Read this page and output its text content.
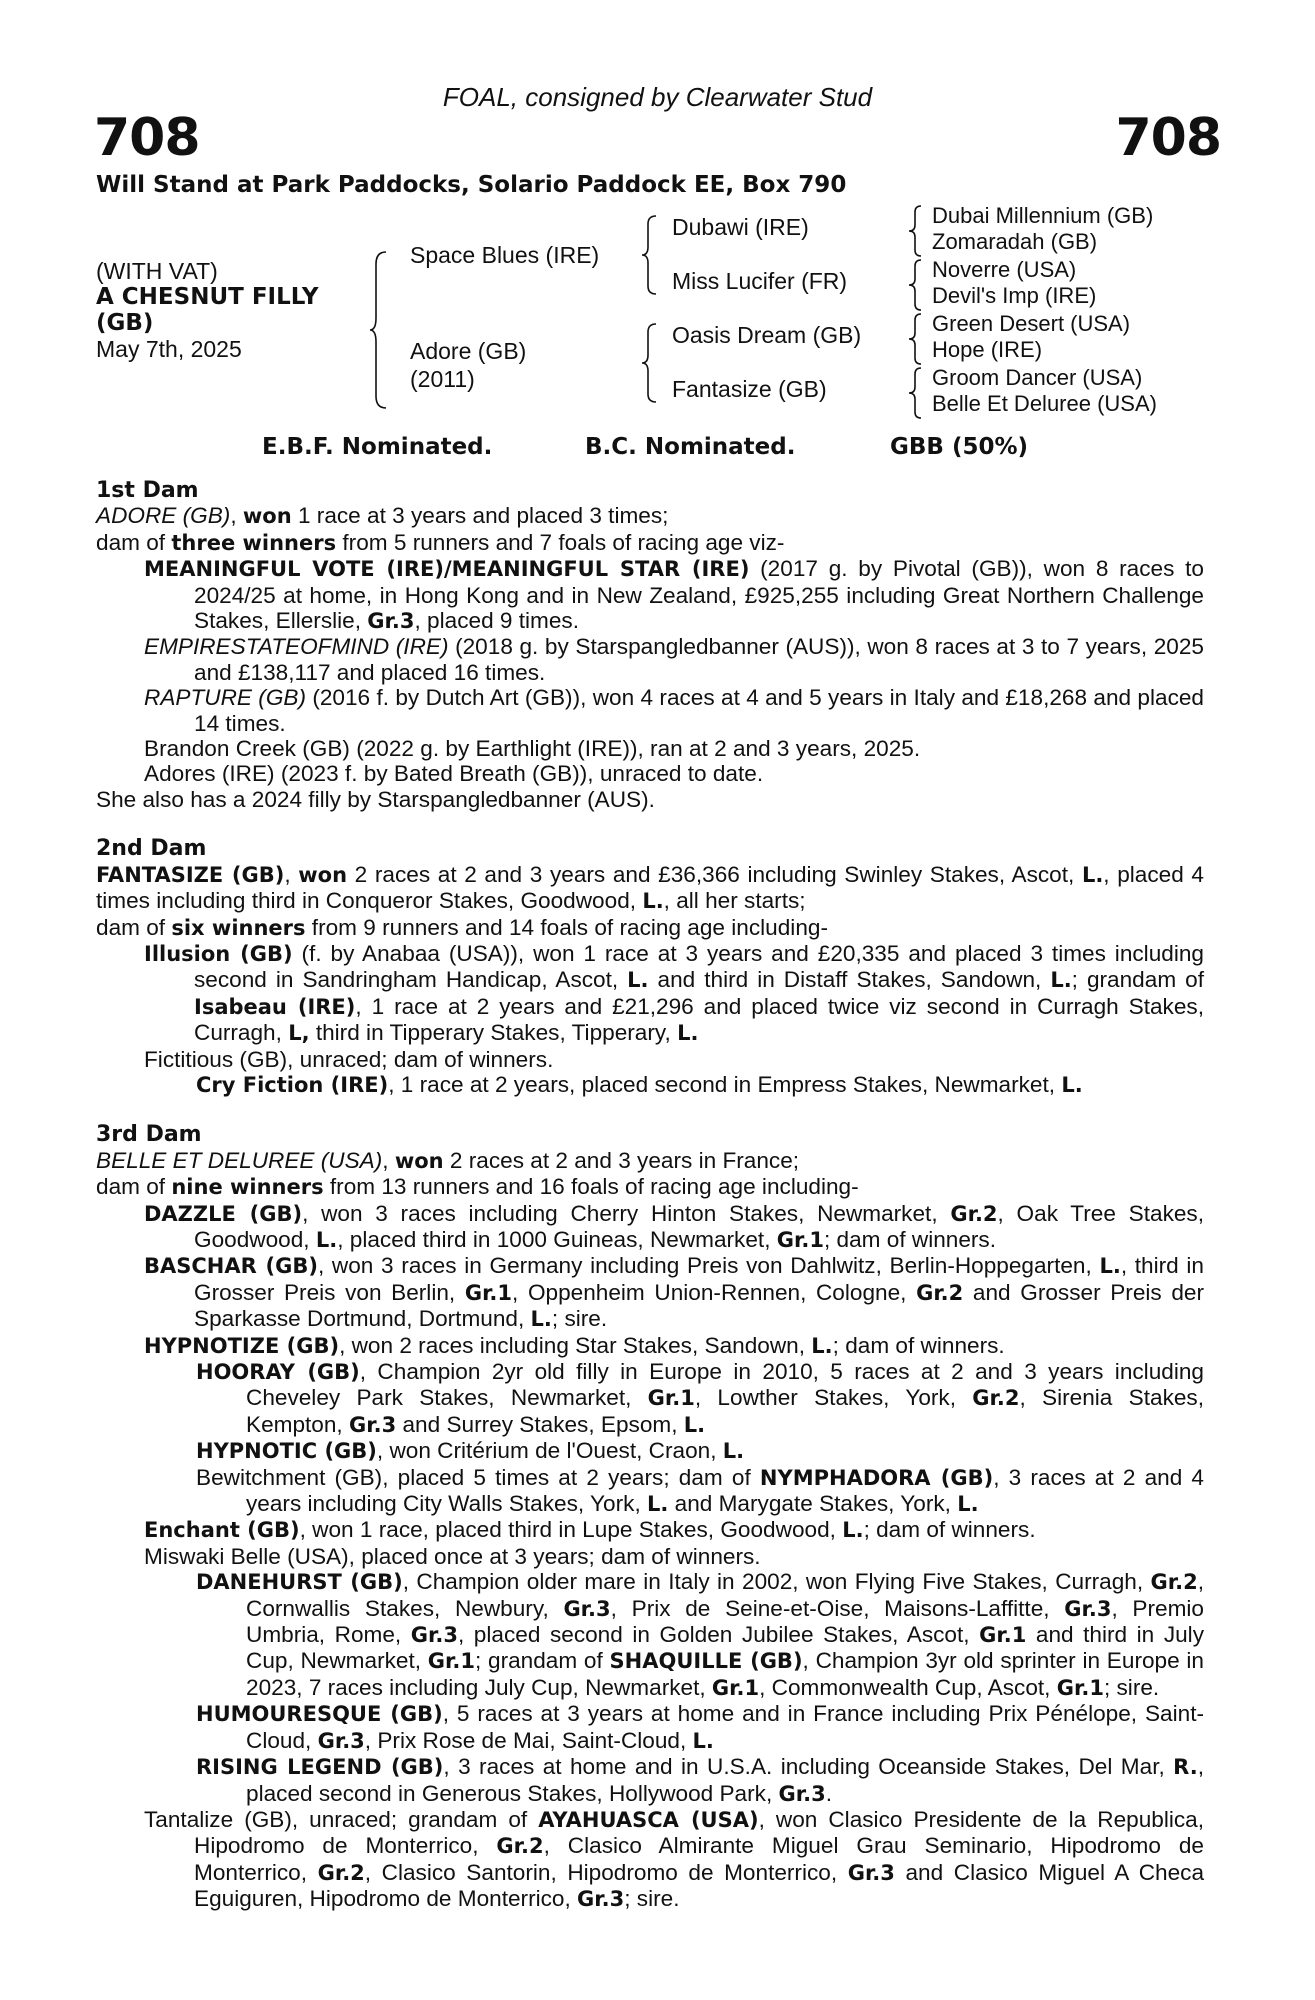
FOAL, consigned by Clearwater Stud
708	708
Will Stand at Park Paddocks, Solario Paddock EE, Box 790
(WITH VAT)
A CHESNUT FILLY (GB)
May 7th, 2025
Space Blues (IRE)
Adore (GB)
(2011)
Dubawi (IRE)
Miss Lucifer (FR)
Oasis Dream (GB)
Fantasize (GB)
Dubai Millennium (GB)
Zomaradah (GB)
Noverre (USA)
Devil's Imp (IRE)
Green Desert (USA)
Hope (IRE)
Groom Dancer (USA)
Belle Et Deluree (USA)
E.B.F. Nominated.	B.C. Nominated.	GBB (50%)

1st Dam

ADORE (GB), won 1 race at 3 years and placed 3 times;

dam of three winners from 5 runners and 7 foals of racing age viz-

MEANINGFUL VOTE (IRE)/MEANINGFUL STAR (IRE) (2017 g. by Pivotal (GB)), won 8 races to 2024/25 at home, in Hong Kong and in New Zealand, £925,255 including Great Northern Challenge Stakes, Ellerslie, Gr.3, placed 9 times.

EMPIRESTATEOFMIND (IRE) (2018 g. by Starspangledbanner (AUS)), won 8 races at 3 to 7 years, 2025 and £138,117 and placed 16 times.

RAPTURE (GB) (2016 f. by Dutch Art (GB)), won 4 races at 4 and 5 years in Italy and £18,268 and placed 14 times.

Brandon Creek (GB) (2022 g. by Earthlight (IRE)), ran at 2 and 3 years, 2025.

Adores (IRE) (2023 f. by Bated Breath (GB)), unraced to date.

She also has a 2024 filly by Starspangledbanner (AUS).

2nd Dam

FANTASIZE (GB), won 2 races at 2 and 3 years and £36,366 including Swinley Stakes, Ascot, L., placed 4 times including third in Conqueror Stakes, Goodwood, L., all her starts;

dam of six winners from 9 runners and 14 foals of racing age including-

Illusion (GB) (f. by Anabaa (USA)), won 1 race at 3 years and £20,335 and placed 3 times including second in Sandringham Handicap, Ascot, L. and third in Distaff Stakes, Sandown, L.; grandam of Isabeau (IRE), 1 race at 2 years and £21,296 and placed twice viz second in Curragh Stakes, Curragh, L, third in Tipperary Stakes, Tipperary, L.

Fictitious (GB), unraced; dam of winners.

Cry Fiction (IRE), 1 race at 2 years, placed second in Empress Stakes, Newmarket, L.

3rd Dam

BELLE ET DELUREE (USA), won 2 races at 2 and 3 years in France;

dam of nine winners from 13 runners and 16 foals of racing age including-

DAZZLE (GB), won 3 races including Cherry Hinton Stakes, Newmarket, Gr.2, Oak Tree Stakes, Goodwood, L., placed third in 1000 Guineas, Newmarket, Gr.1; dam of winners.

BASCHAR (GB), won 3 races in Germany including Preis von Dahlwitz, Berlin-Hoppegarten, L., third in Grosser Preis von Berlin, Gr.1, Oppenheim Union-Rennen, Cologne, Gr.2 and Grosser Preis der Sparkasse Dortmund, Dortmund, L.; sire.

HYPNOTIZE (GB), won 2 races including Star Stakes, Sandown, L.; dam of winners.

HOORAY (GB), Champion 2yr old filly in Europe in 2010, 5 races at 2 and 3 years including Cheveley Park Stakes, Newmarket, Gr.1, Lowther Stakes, York, Gr.2, Sirenia Stakes, Kempton, Gr.3 and Surrey Stakes, Epsom, L.

HYPNOTIC (GB), won Critérium de l'Ouest, Craon, L.

Bewitchment (GB), placed 5 times at 2 years; dam of NYMPHADORA (GB), 3 races at 2 and 4 years including City Walls Stakes, York, L. and Marygate Stakes, York, L.

Enchant (GB), won 1 race, placed third in Lupe Stakes, Goodwood, L.; dam of winners.

Miswaki Belle (USA), placed once at 3 years; dam of winners.

DANEHURST (GB), Champion older mare in Italy in 2002, won Flying Five Stakes, Curragh, Gr.2, Cornwallis Stakes, Newbury, Gr.3, Prix de Seine-et-Oise, Maisons-Laffitte, Gr.3, Premio Umbria, Rome, Gr.3, placed second in Golden Jubilee Stakes, Ascot, Gr.1 and third in July Cup, Newmarket, Gr.1; grandam of SHAQUILLE (GB), Champion 3yr old sprinter in Europe in 2023, 7 races including July Cup, Newmarket, Gr.1, Commonwealth Cup, Ascot, Gr.1; sire.

HUMOURESQUE (GB), 5 races at 3 years at home and in France including Prix Pénélope, Saint-Cloud, Gr.3, Prix Rose de Mai, Saint-Cloud, L.

RISING LEGEND (GB), 3 races at home and in U.S.A. including Oceanside Stakes, Del Mar, R., placed second in Generous Stakes, Hollywood Park, Gr.3.

Tantalize (GB), unraced; grandam of AYAHUASCA (USA), won Clasico Presidente de la Republica, Hipodromo de Monterrico, Gr.2, Clasico Almirante Miguel Grau Seminario, Hipodromo de Monterrico, Gr.2, Clasico Santorin, Hipodromo de Monterrico, Gr.3 and Clasico Miguel A Checa Eguiguren, Hipodromo de Monterrico, Gr.3; sire.
